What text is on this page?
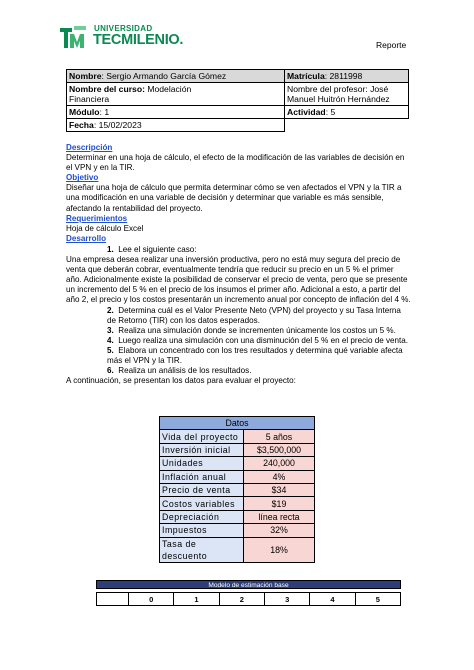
UNIVERSIDAD
TECMILENIO.	Reporte
Nombre: Sergio Armando García Gómez	Matrícula: 2811998
Nombre del curso: Modelación Financiera	Nombre del profesor: José Manuel Huitrón Hernández
Módulo: 1	Actividad: 5
Fecha: 15/02/2023	
Descripción
Determinar en una hoja de cálculo, el efecto de la modificación de las variables de decisión en el VPN y en la TIR.
Objetivo
Diseñar una hoja de cálculo que permita determinar cómo se ven afectados el VPN y la TIR a una modificación en una variable de decisión y determinar que variable es más sensible, afectando la rentabilidad del proyecto.
Requerimientos
Hoja de cálculo Excel
Desarrollo
1. Lee el siguiente caso:
Una empresa desea realizar una inversión productiva, pero no está muy segura del precio de venta que deberán cobrar, eventualmente tendría que reducir su precio en un 5 % el primer año. Adicionalmente existe la posibilidad de conservar el precio de venta, pero que se presente un incremento del 5 % en el precio de los insumos el primer año. Adicional a esto, a partir del año 2, el precio y los costos presentarán un incremento anual por concepto de inflación del 4 %.
2. Determina cuál es el Valor Presente Neto (VPN) del proyecto y su Tasa Interna de Retorno (TIR) con los datos esperados.
3. Realiza una simulación donde se incrementen únicamente los costos un 5 %.
4. Luego realiza una simulación con una disminución del 5 % en el precio de venta.
5. Elabora un concentrado con los tres resultados y determina qué variable afecta más el VPN y la TIR.
6. Realiza un análisis de los resultados.
A continuación, se presentan los datos para evaluar el proyecto:
Datos	
Vida del proyecto	5 años
Inversión inicial	$3,500,000
Unidades	240,000
Inflación anual	4%
Precio de venta	$34
Costos variables	$19
Depreciación	línea recta
Impuestos	32%
Tasa de descuento	18%
Modelo de estimación base
	0	1	2	3	4	5
